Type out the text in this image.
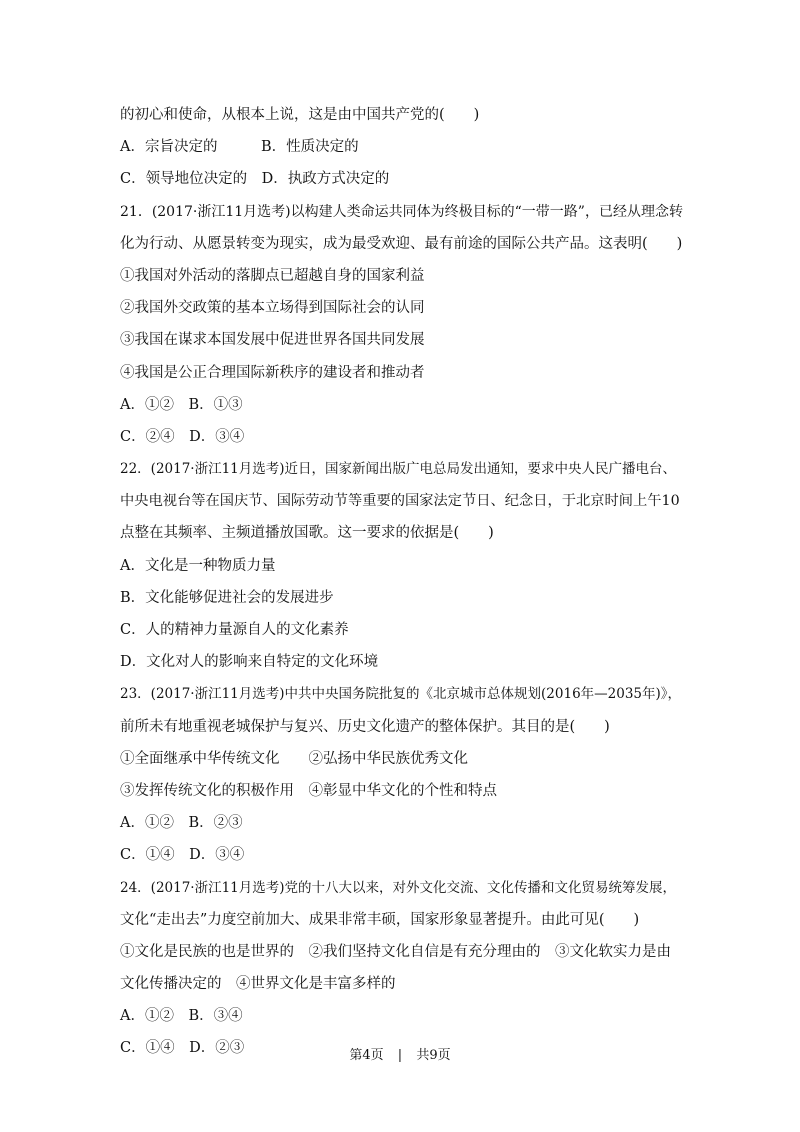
的初心和使命，从根本上说，这是由中国共产党的(　　)
A．宗旨决定的　　　B．性质决定的
C．领导地位决定的　D．执政方式决定的
21．(2017·浙江11月选考)以构建人类命运共同体为终极目标的“一带一路”，已经从理念转
化为行动、从愿景转变为现实，成为最受欢迎、最有前途的国际公共产品。这表明(　　)
①我国对外活动的落脚点已超越自身的国家利益
②我国外交政策的基本立场得到国际社会的认同
③我国在谋求本国发展中促进世界各国共同发展
④我国是公正合理国际新秩序的建设者和推动者
A．①②　B．①③
C．②④　D．③④
22．(2017·浙江11月选考)近日，国家新闻出版广电总局发出通知，要求中央人民广播电台、
中央电视台等在国庆节、国际劳动节等重要的国家法定节日、纪念日，于北京时间上午10
点整在其频率、主频道播放国歌。这一要求的依据是(　　)
A．文化是一种物质力量
B．文化能够促进社会的发展进步
C．人的精神力量源自人的文化素养
D．文化对人的影响来自特定的文化环境
23．(2017·浙江11月选考)中共中央国务院批复的《北京城市总体规划(2016年—2035年)》，
前所未有地重视老城保护与复兴、历史文化遗产的整体保护。其目的是(　　)
①全面继承中华传统文化　　②弘扬中华民族优秀文化
③发挥传统文化的积极作用　④彰显中华文化的个性和特点
A．①②　B．②③
C．①④　D．③④
24．(2017·浙江11月选考)党的十八大以来，对外文化交流、文化传播和文化贸易统筹发展，
文化“走出去”力度空前加大、成果非常丰硕，国家形象显著提升。由此可见(　　)
①文化是民族的也是世界的　②我们坚持文化自信是有充分理由的　③文化软实力是由
文化传播决定的　④世界文化是丰富多样的
A．①②　B．③④
C．①④　D．②③	第4页 | 共9页
